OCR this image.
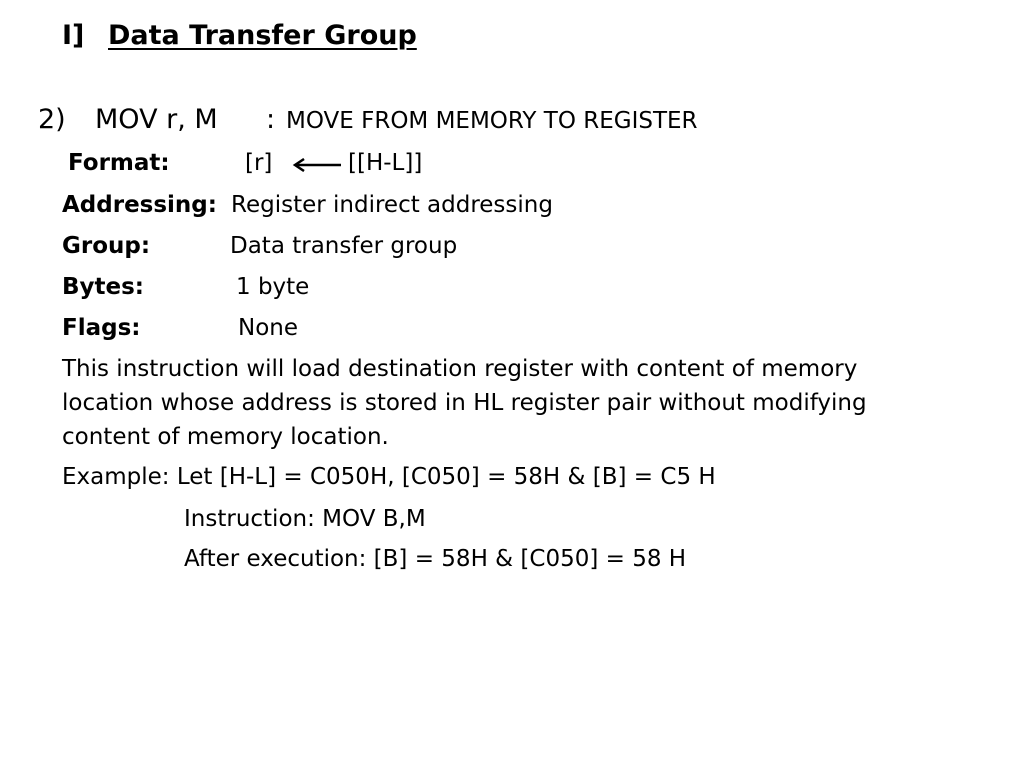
I] Data Transfer Group
2) MOV r, M : MOVE FROM MEMORY TO REGISTER
Format:	[r]	[[H-L]]
Addressing: Register indirect addressing
Group:	Data transfer group
Bytes:	1 byte
Flags:	None
This instruction will load destination register with content of memory location whose address is stored in HL register pair without modifying content of memory location.
Example: Let [H-L] = C050H, [C050] = 58H & [B] = C5 H
Instruction: MOV B,M
After execution: [B] = 58H & [C050] = 58 H
